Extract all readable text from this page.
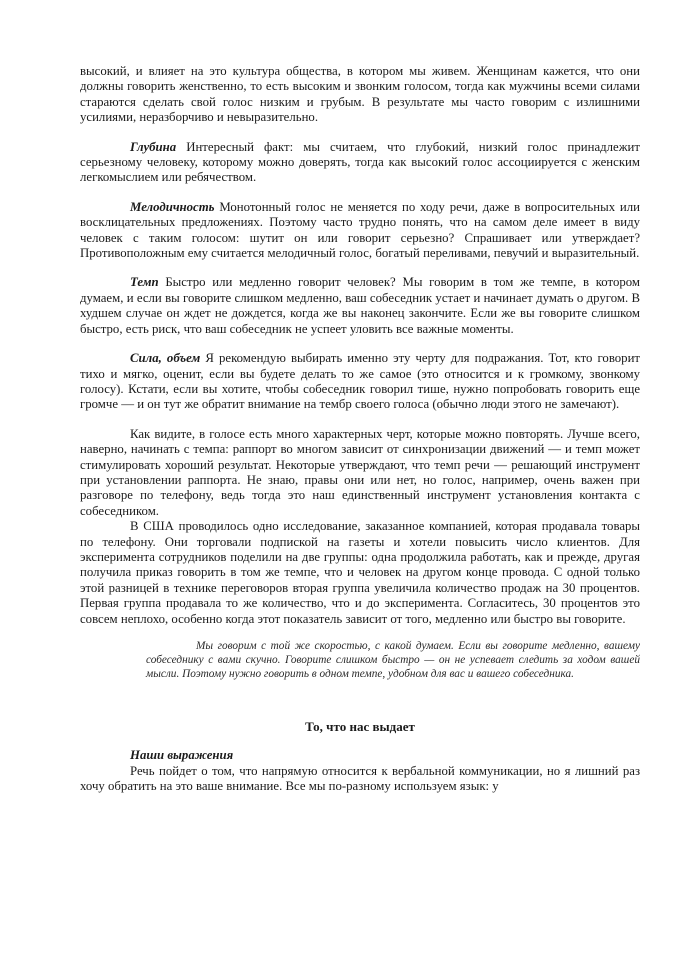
высокий, и влияет на это культура общества, в котором мы живем. Женщинам кажется, что они должны говорить женственно, то есть высоким и звонким голосом, тогда как мужчины всеми силами стараются сделать свой голос низким и грубым. В результате мы часто говорим с излишними усилиями, неразборчиво и невыразительно.

Глубина Интересный факт: мы считаем, что глубокий, низкий голос принадлежит серьезному человеку, которому можно доверять, тогда как высокий голос ассоциируется с женским легкомыслием или ребячеством.

Мелодичность Монотонный голос не меняется по ходу речи, даже в вопросительных или восклицательных предложениях. Поэтому часто трудно понять, что на самом деле имеет в виду человек с таким голосом: шутит он или говорит серьезно? Спрашивает или утверждает? Противоположным ему считается мелодичный голос, богатый переливами, певучий и выразительный.

Темп Быстро или медленно говорит человек? Мы говорим в том же темпе, в котором думаем, и если вы говорите слишком медленно, ваш собеседник устает и начинает думать о другом. В худшем случае он ждет не дождется, когда же вы наконец закончите. Если же вы говорите слишком быстро, есть риск, что ваш собеседник не успеет уловить все важные моменты.

Сила, объем Я рекомендую выбирать именно эту черту для подражания. Тот, кто говорит тихо и мягко, оценит, если вы будете делать то же самое (это относится и к громкому, звонкому голосу). Кстати, если вы хотите, чтобы собеседник говорил тише, нужно попробовать говорить еще громче — и он тут же обратит внимание на тембр своего голоса (обычно люди этого не замечают).

Как видите, в голосе есть много характерных черт, которые можно повторять. Лучше всего, наверно, начинать с темпа: раппорт во многом зависит от синхронизации движений — и темп может стимулировать хороший результат. Некоторые утверждают, что темп речи — решающий инструмент при установлении раппорта. Не знаю, правы они или нет, но голос, например, очень важен при разговоре по телефону, ведь тогда это наш единственный инструмент установления контакта с собеседником.

В США проводилось одно исследование, заказанное компанией, которая продавала товары по телефону. Они торговали подпиской на газеты и хотели повысить число клиентов. Для эксперимента сотрудников поделили на две группы: одна продолжила работать, как и прежде, другая получила приказ говорить в том же темпе, что и человек на другом конце провода. С одной только этой разницей в технике переговоров вторая группа увеличила количество продаж на 30 процентов. Первая группа продавала то же количество, что и до эксперимента. Согласитесь, 30 процентов это совсем неплохо, особенно когда этот показатель зависит от того, медленно или быстро вы говорите.

Мы говорим с той же скоростью, с какой думаем. Если вы говорите медленно, вашему собеседнику с вами скучно. Говорите слишком быстро — он не успевает следить за ходом вашей мысли. Поэтому нужно говорить в одном темпе, удобном для вас и вашего собеседника.

То, что нас выдает

Наши выражения

Речь пойдет о том, что напрямую относится к вербальной коммуникации, но я лишний раз хочу обратить на это ваше внимание. Все мы по-разному используем язык: у
